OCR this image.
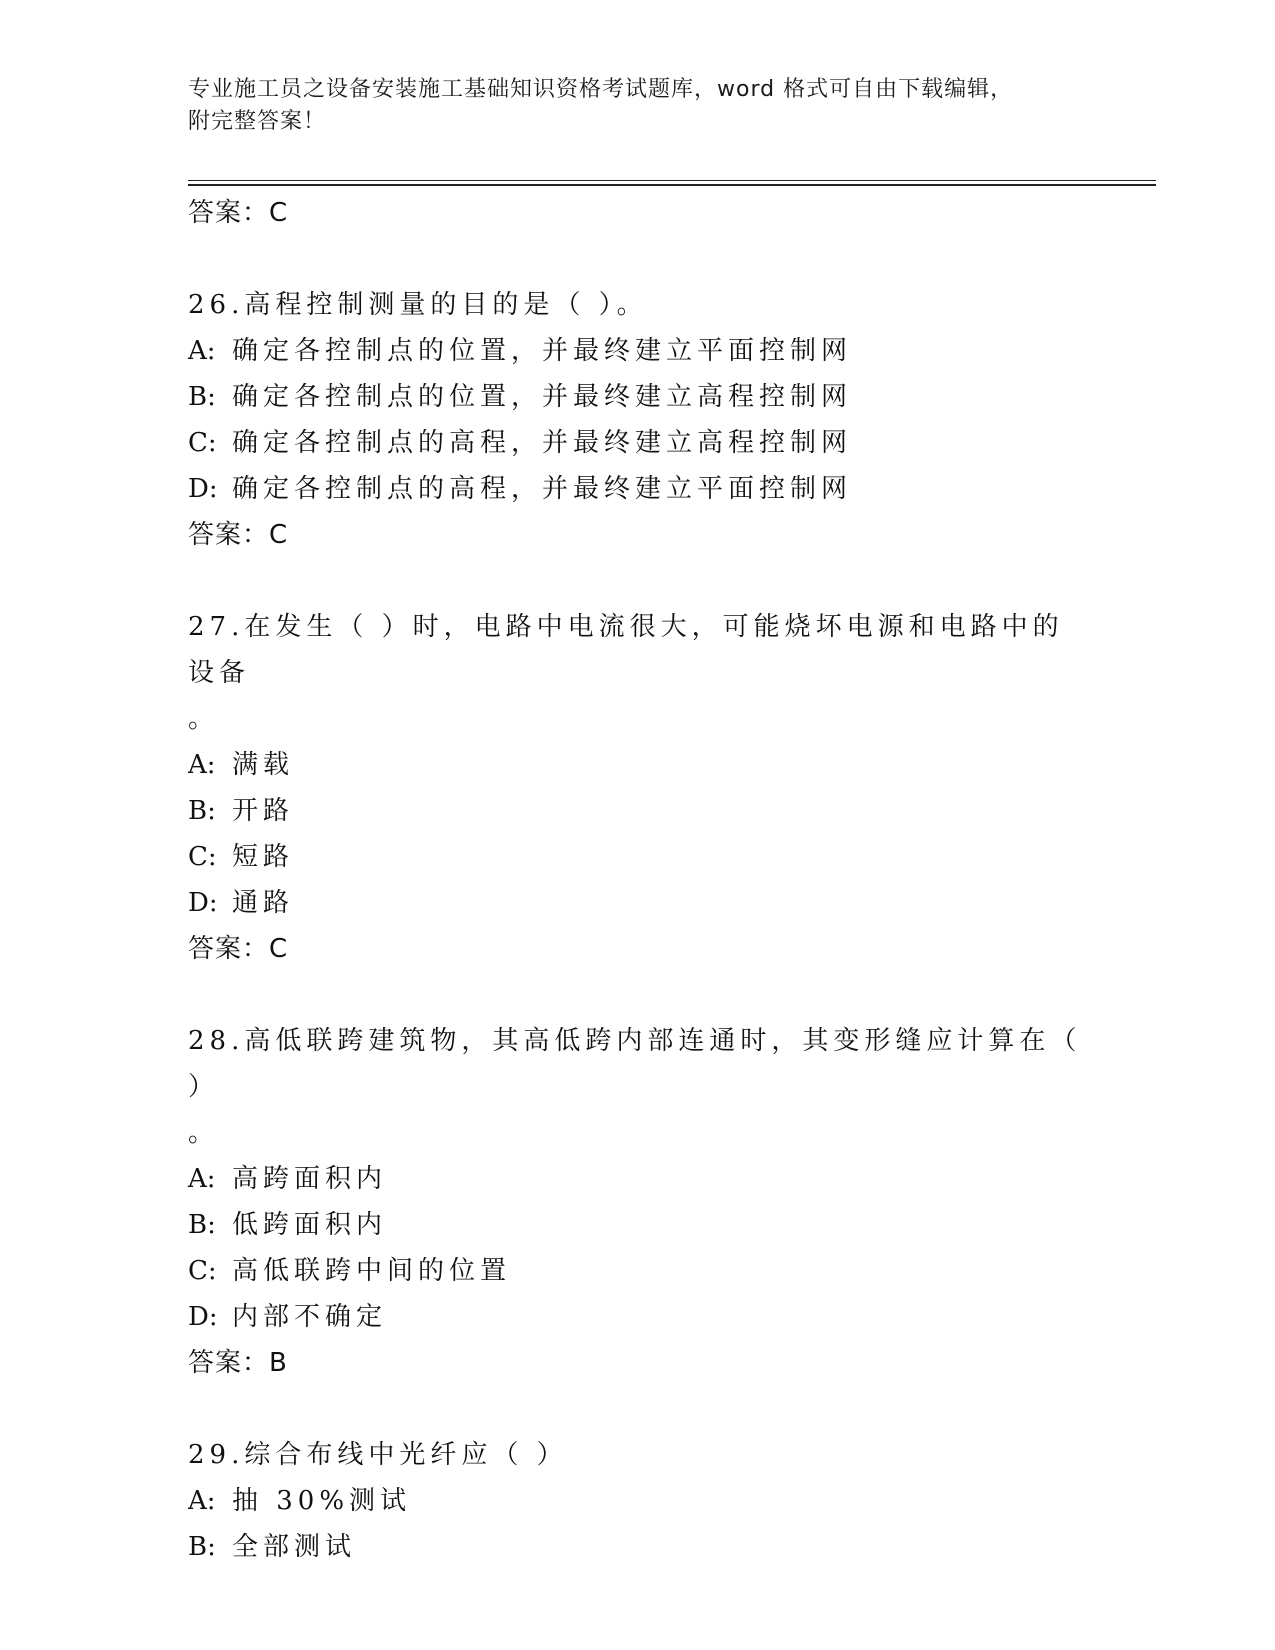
专业施工员之设备安装施工基础知识资格考试题库，word 格式可自由下载编辑，
附完整答案！
答案：C
26.高程控制测量的目的是（ ）。
A: 确定各控制点的位置，并最终建立平面控制网
B: 确定各控制点的位置，并最终建立高程控制网
C: 确定各控制点的高程，并最终建立高程控制网
D: 确定各控制点的高程，并最终建立平面控制网
答案：C
27.在发生（ ）时，电路中电流很大，可能烧坏电源和电路中的设备
。
A: 满载
B: 开路
C: 短路
D: 通路
答案：C
28.高低联跨建筑物，其高低跨内部连通时，其变形缝应计算在（ ）
。
A: 高跨面积内
B: 低跨面积内
C: 高低联跨中间的位置
D: 内部不确定
答案：B
29.综合布线中光纤应（ ）
A: 抽 30%测试
B: 全部测试
